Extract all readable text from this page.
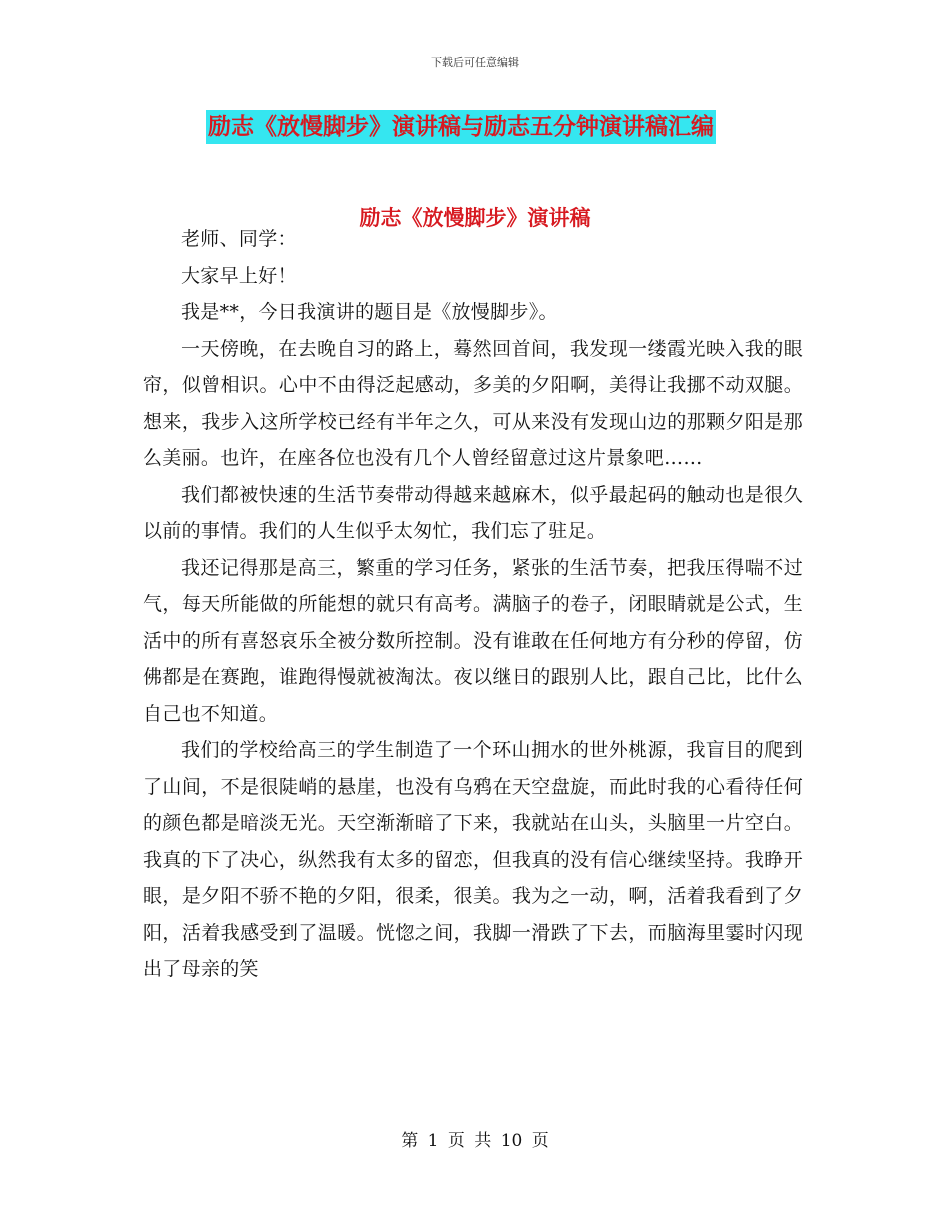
下载后可任意编辑
励志《放慢脚步》演讲稿与励志五分钟演讲稿汇编
励志《放慢脚步》演讲稿

老师、同学：

大家早上好！

我是**，今日我演讲的题目是《放慢脚步》。

一天傍晚，在去晚自习的路上，蓦然回首间，我发现一缕霞光映入我的眼帘，似曾相识。心中不由得泛起感动，多美的夕阳啊，美得让我挪不动双腿。想来，我步入这所学校已经有半年之久，可从来没有发现山边的那颗夕阳是那么美丽。也许，在座各位也没有几个人曾经留意过这片景象吧……

我们都被快速的生活节奏带动得越来越麻木，似乎最起码的触动也是很久以前的事情。我们的人生似乎太匆忙，我们忘了驻足。

我还记得那是高三，繁重的学习任务，紧张的生活节奏，把我压得喘不过气，每天所能做的所能想的就只有高考。满脑子的卷子，闭眼睛就是公式，生活中的所有喜怒哀乐全被分数所控制。没有谁敢在任何地方有分秒的停留，仿佛都是在赛跑，谁跑得慢就被淘汰。夜以继日的跟别人比，跟自己比，比什么自己也不知道。

我们的学校给高三的学生制造了一个环山拥水的世外桃源，我盲目的爬到了山间，不是很陡峭的悬崖，也没有乌鸦在天空盘旋，而此时我的心看待任何的颜色都是暗淡无光。天空渐渐暗了下来，我就站在山头，头脑里一片空白。我真的下了决心，纵然我有太多的留恋，但我真的没有信心继续坚持。我睁开眼，是夕阳不骄不艳的夕阳，很柔，很美。我为之一动，啊，活着我看到了夕阳，活着我感受到了温暖。恍惚之间，我脚一滑跌了下去，而脑海里霎时闪现出了母亲的笑

第 1 页 共 10 页
